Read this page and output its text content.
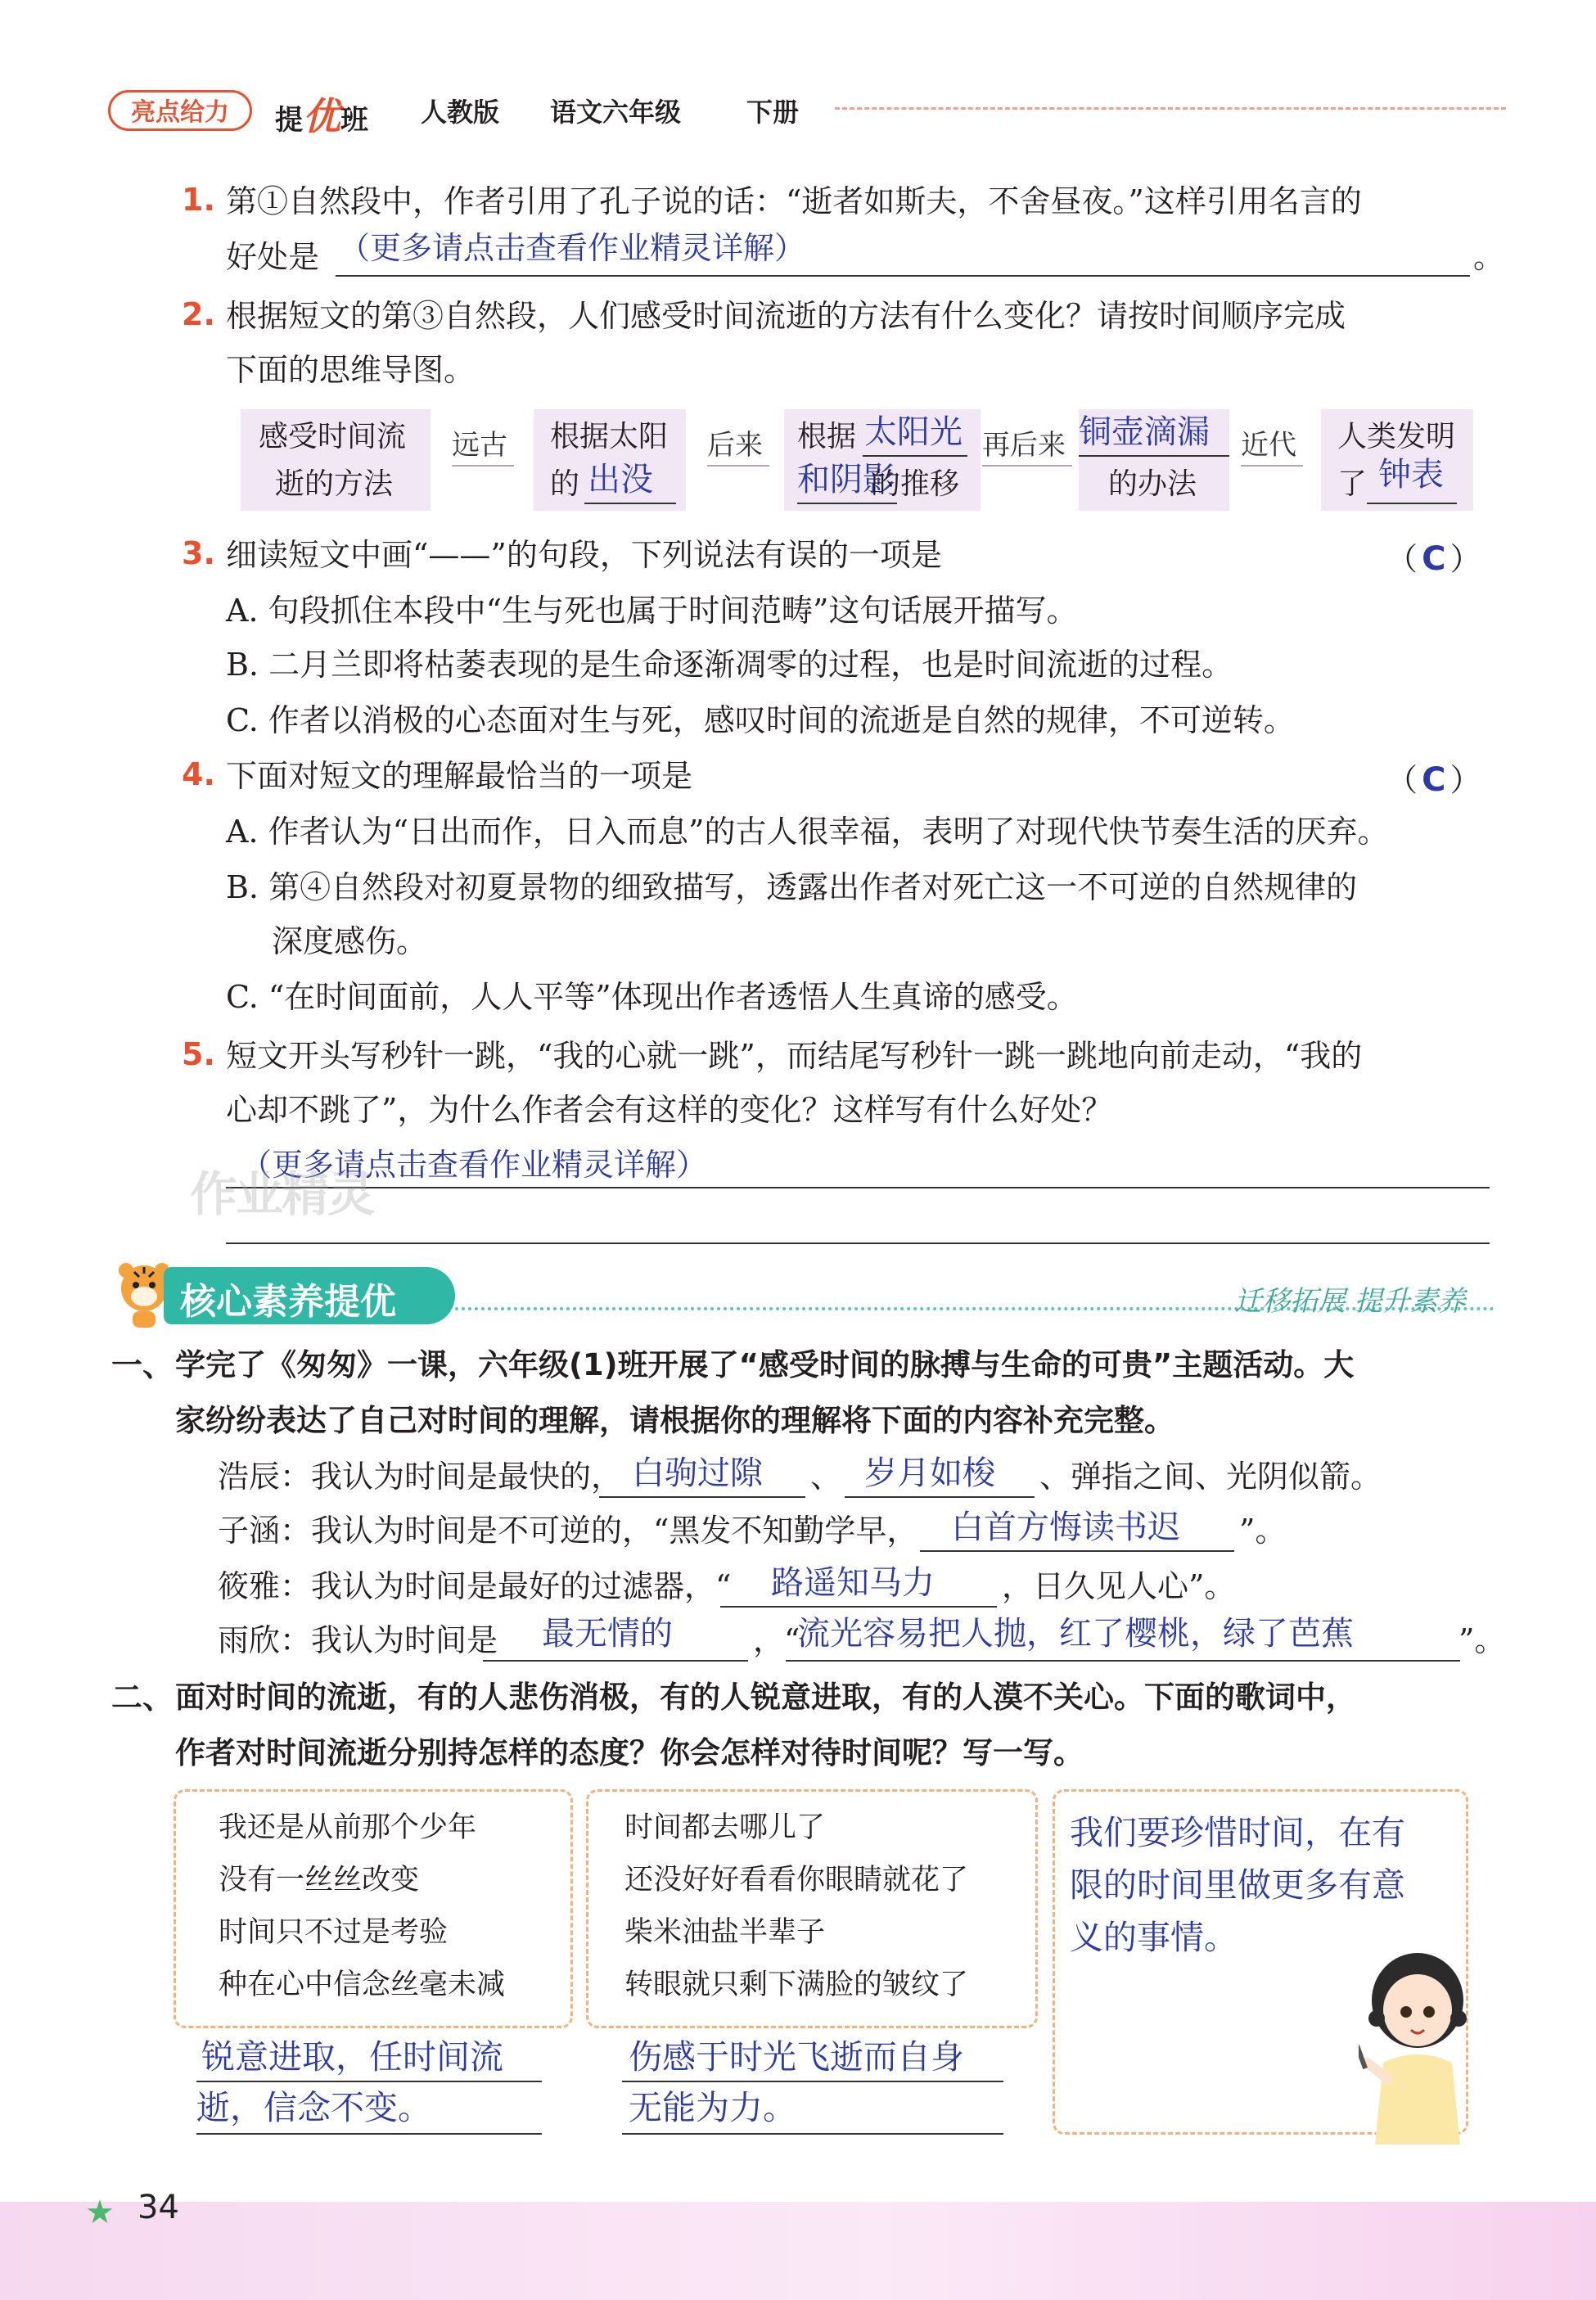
亮点给力	提优班 人教版 语文六年级 下册
1. 第①自然段中，作者引用了孔子说的话：“逝者如斯夫，不舍昼夜。”这样引用名言的
好处是 （更多请点击查看作业精灵详解）	。
2. 根据短文的第③自然段，人们感受时间流逝的方法有什么变化？请按时间顺序完成
下面的思维导图。
感受时间流
逝的方法
远古 根据太阳
的 出没
后来 根据 太阳光
和阴影
的推移
再后来 铜壶滴漏
的办法
近代 人类发明
了 钟表
3. 细读短文中画“——”的句段，下列说法有误的一项是	（ C ）
A. 句段抓住本段中“生与死也属于时间范畴”这句话展开描写。
B. 二月兰即将枯萎表现的是生命逐渐凋零的过程，也是时间流逝的过程。
C. 作者以消极的心态面对生与死，感叹时间的流逝是自然的规律，不可逆转。
4. 下面对短文的理解最恰当的一项是	（ C ）
A. 作者认为“日出而作，日入而息”的古人很幸福，表明了对现代快节奏生活的厌弃。
B. 第④自然段对初夏景物的细致描写，透露出作者对死亡这一不可逆的自然规律的
深度感伤。
C. “在时间面前，人人平等”体现出作者透悟人生真谛的感受。
5. 短文开头写秒针一跳，“我的心就一跳”，而结尾写秒针一跳一跳地向前走动，“我的
心却不跳了”，为什么作者会有这样的变化？这样写有什么好处？
（更多请点击查看作业精灵详解）
作业精灵
核心素养提优	迁移拓展 提升素养
一、 学完了《匆匆》一课，六年级(1)班开展了“感受时间的脉搏与生命的可贵”主题活动。大
家纷纷表达了自己对时间的理解，请根据你的理解将下面的内容补充完整。
浩辰：我认为时间是最快的， 白驹过隙 、 岁月如梭 、弹指之间、光阴似箭。
子涵：我认为时间是不可逆的，“黑发不知勤学早， 白首方悔读书迟 ”。
筱雅：我认为时间是最好的过滤器，“ 路遥知马力 ，日久见人心”。
雨欣：我认为时间是 最无情的	，“
流光容易把人抛，红了樱桃，绿了芭蕉	”。
二、 面对时间的流逝，有的人悲伤消极，有的人锐意进取，有的人漠不关心。下面的歌词中，
作者对时间流逝分别持怎样的态度？你会怎样对待时间呢？写一写。
我还是从前那个少年
没有一丝丝改变
时间只不过是考验
种在心中信念丝毫未减
时间都去哪儿了
还没好好看看你眼睛就花了
柴米油盐半辈子
转眼就只剩下满脸的皱纹了
我们要珍惜时间，在有
限的时间里做更多有意
义的事情。
锐意进取，任时间流
逝，信念不变。
伤感于时光飞逝而自身
无能为力。
★ 34
